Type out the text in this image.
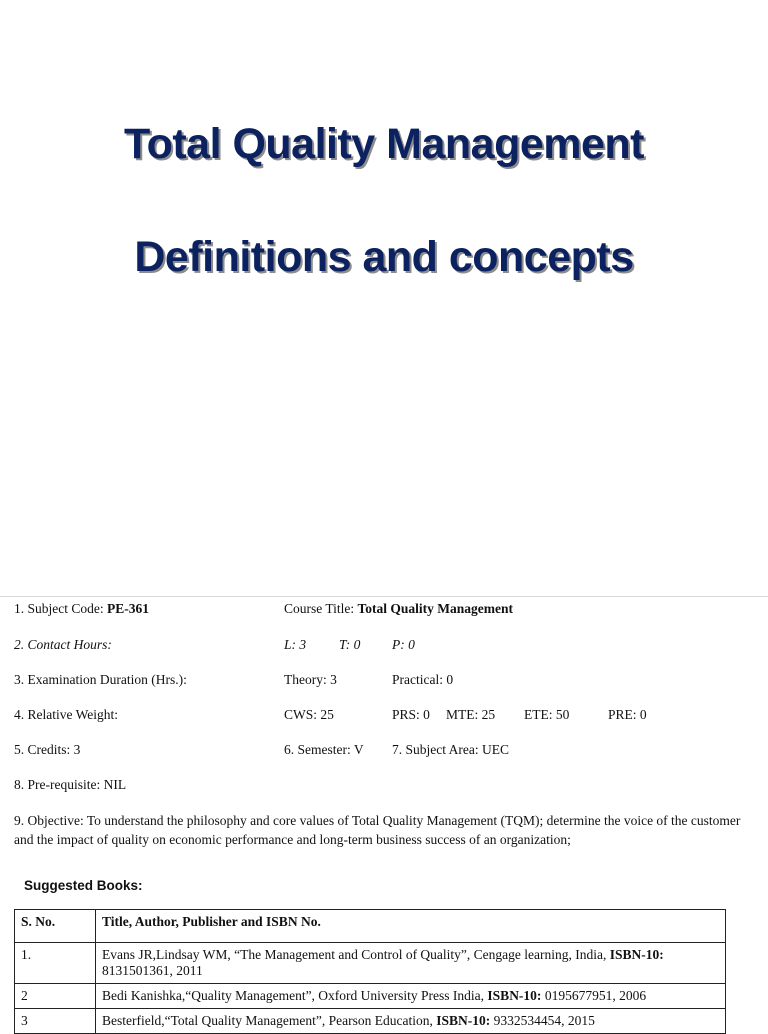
Total Quality Management
Definitions and concepts
1. Subject Code: PE-361	Course Title: Total Quality Management
2. Contact Hours:	L: 3 T: 0 P: 0
3. Examination Duration (Hrs.):	Theory: 3	Practical: 0
4. Relative Weight:	CWS: 25	PRS: 0 MTE: 25 ETE: 50	PRE: 0
5. Credits: 3	6. Semester: V 7. Subject Area: UEC
8. Pre-requisite: NIL
9. Objective: To understand the philosophy and core values of Total Quality Management (TQM); determine the voice of the customer and the impact of quality on economic performance and long-term business success of an organization;
Suggested Books:
S. No.	Title, Author, Publisher and ISBN No.
1.	Evans JR,Lindsay WM, “The Management and Control of Quality”, Cengage learning, India, ISBN-10: 8131501361, 2011
2	Bedi Kanishka,“Quality Management”, Oxford University Press India, ISBN-10: 0195677951, 2006
3	Besterfield,“Total Quality Management”, Pearson Education, ISBN-10: 9332534454, 2015
